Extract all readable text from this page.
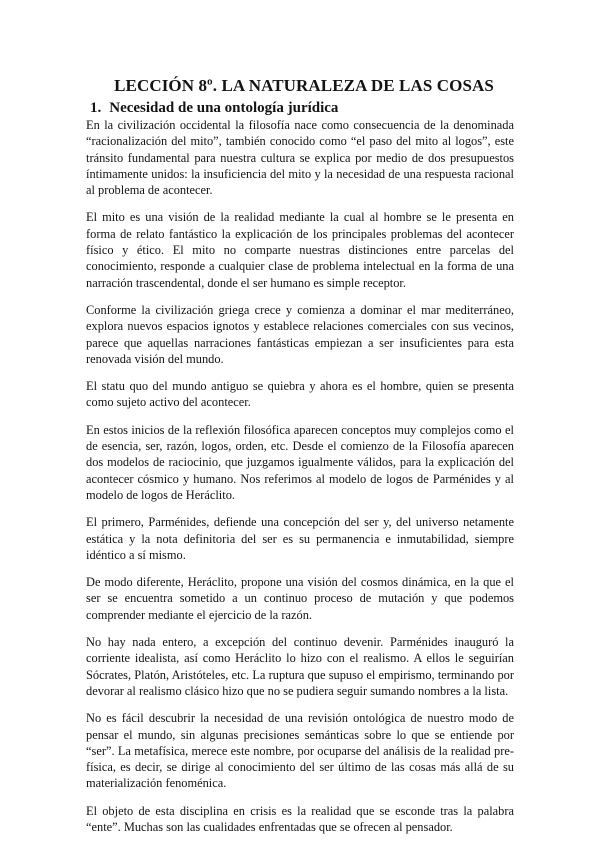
LECCIÓN 8º. LA NATURALEZA DE LAS COSAS
1. Necesidad de una ontología jurídica

En la civilización occidental la filosofía nace como consecuencia de la denominada “racionalización del mito”, también conocido como “el paso del mito al logos”, este tránsito fundamental para nuestra cultura se explica por medio de dos presupuestos íntimamente unidos: la insuficiencia del mito y la necesidad de una respuesta racional al problema de acontecer.

El mito es una visión de la realidad mediante la cual al hombre se le presenta en forma de relato fantástico la explicación de los principales problemas del acontecer físico y ético. El mito no comparte nuestras distinciones entre parcelas del conocimiento, responde a cualquier clase de problema intelectual en la forma de una narración trascendental, donde el ser humano es simple receptor.

Conforme la civilización griega crece y comienza a dominar el mar mediterráneo, explora nuevos espacios ignotos y establece relaciones comerciales con sus vecinos, parece que aquellas narraciones fantásticas empiezan a ser insuficientes para esta renovada visión del mundo.

El statu quo del mundo antiguo se quiebra y ahora es el hombre, quien se presenta como sujeto activo del acontecer.

En estos inicios de la reflexión filosófica aparecen conceptos muy complejos como el de esencia, ser, razón, logos, orden, etc. Desde el comienzo de la Filosofía aparecen dos modelos de raciocinio, que juzgamos igualmente válidos, para la explicación del acontecer cósmico y humano. Nos referimos al modelo de logos de Parménides y al modelo de logos de Heráclito.

El primero, Parménides, defiende una concepción del ser y, del universo netamente estática y la nota definitoria del ser es su permanencia e inmutabilidad, siempre idéntico a sí mismo.

De modo diferente, Heráclito, propone una visión del cosmos dinámica, en la que el ser se encuentra sometido a un continuo proceso de mutación y que podemos comprender mediante el ejercicio de la razón.

No hay nada entero, a excepción del continuo devenir. Parménides inauguró la corriente idealista, así como Heráclito lo hizo con el realismo. A ellos le seguirían Sócrates, Platón, Aristóteles, etc. La ruptura que supuso el empirismo, terminando por devorar al realismo clásico hizo que no se pudiera seguir sumando nombres a la lista.

No es fácil descubrir la necesidad de una revisión ontológica de nuestro modo de pensar el mundo, sin algunas precisiones semánticas sobre lo que se entiende por “ser”. La metafísica, merece este nombre, por ocuparse del análisis de la realidad pre-física, es decir, se dirige al conocimiento del ser último de las cosas más allá de su materialización fenoménica.

El objeto de esta disciplina en crisis es la realidad que se esconde tras la palabra “ente”. Muchas son las cualidades enfrentadas que se ofrecen al pensador.
